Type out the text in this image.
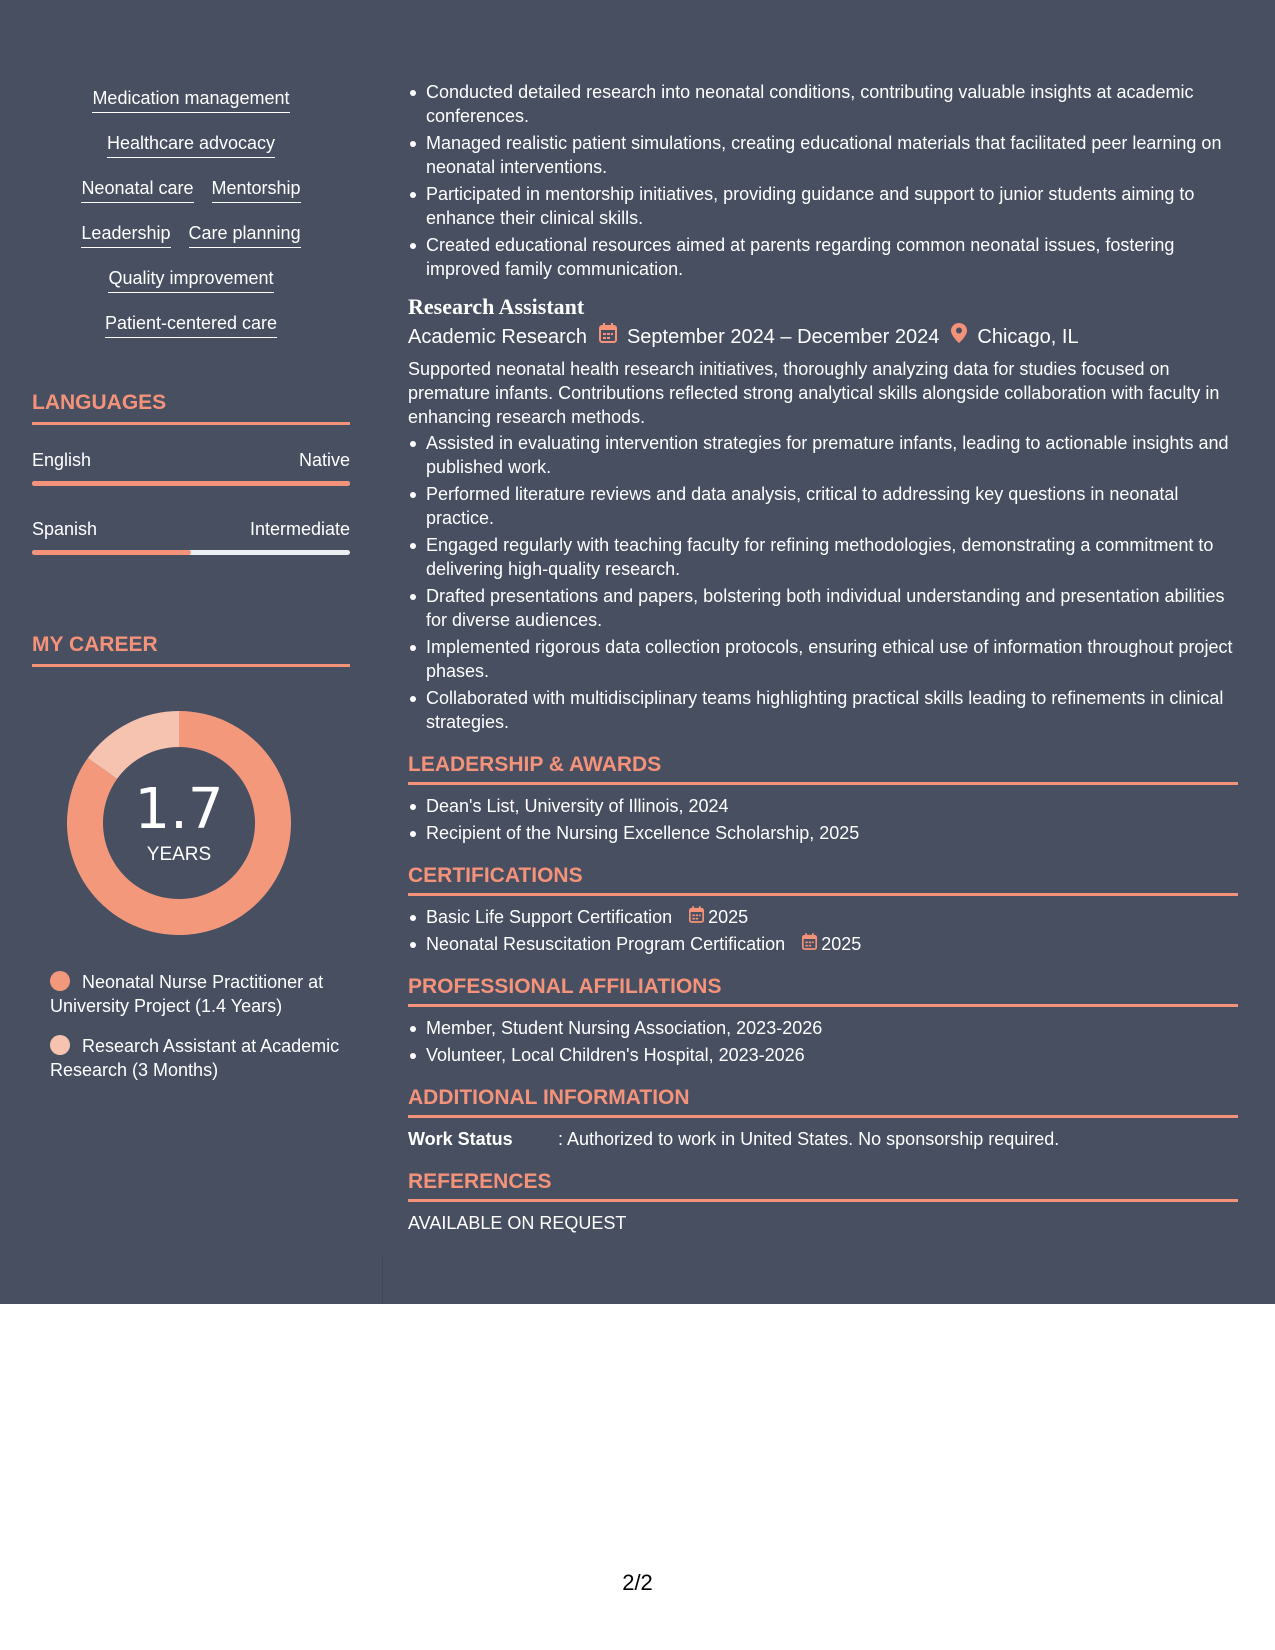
Medication management
Healthcare advocacy
Neonatal care Mentorship
Leadership Care planning
Quality improvement
Patient-centered care
LANGUAGES
English	Native
Spanish	Intermediate
MY CAREER
1.7
YEARS
Neonatal Nurse Practitioner at University Project (1.4 Years)
Research Assistant at Academic Research (3 Months)
Conducted detailed research into neonatal conditions, contributing valuable insights at academic conferences.
Managed realistic patient simulations, creating educational materials that facilitated peer learning on neonatal interventions.
Participated in mentorship initiatives, providing guidance and support to junior students aiming to enhance their clinical skills.
Created educational resources aimed at parents regarding common neonatal issues, fostering improved family communication.
Research Assistant
Academic Research September 2024 – December 2024 Chicago, IL
Supported neonatal health research initiatives, thoroughly analyzing data for studies focused on premature infants. Contributions reflected strong analytical skills alongside collaboration with faculty in enhancing research methods.
Assisted in evaluating intervention strategies for premature infants, leading to actionable insights and published work.
Performed literature reviews and data analysis, critical to addressing key questions in neonatal practice.
Engaged regularly with teaching faculty for refining methodologies, demonstrating a commitment to delivering high-quality research.
Drafted presentations and papers, bolstering both individual understanding and presentation abilities for diverse audiences.
Implemented rigorous data collection protocols, ensuring ethical use of information throughout project phases.
Collaborated with multidisciplinary teams highlighting practical skills leading to refinements in clinical strategies.
LEADERSHIP & AWARDS
Dean's List, University of Illinois, 2024
Recipient of the Nursing Excellence Scholarship, 2025
CERTIFICATIONS
Basic Life Support Certification 2025
Neonatal Resuscitation Program Certification 2025
PROFESSIONAL AFFILIATIONS
Member, Student Nursing Association, 2023-2026
Volunteer, Local Children's Hospital, 2023-2026
ADDITIONAL INFORMATION
Work Status	: Authorized to work in United States. No sponsorship required.
REFERENCES
AVAILABLE ON REQUEST
2/2
